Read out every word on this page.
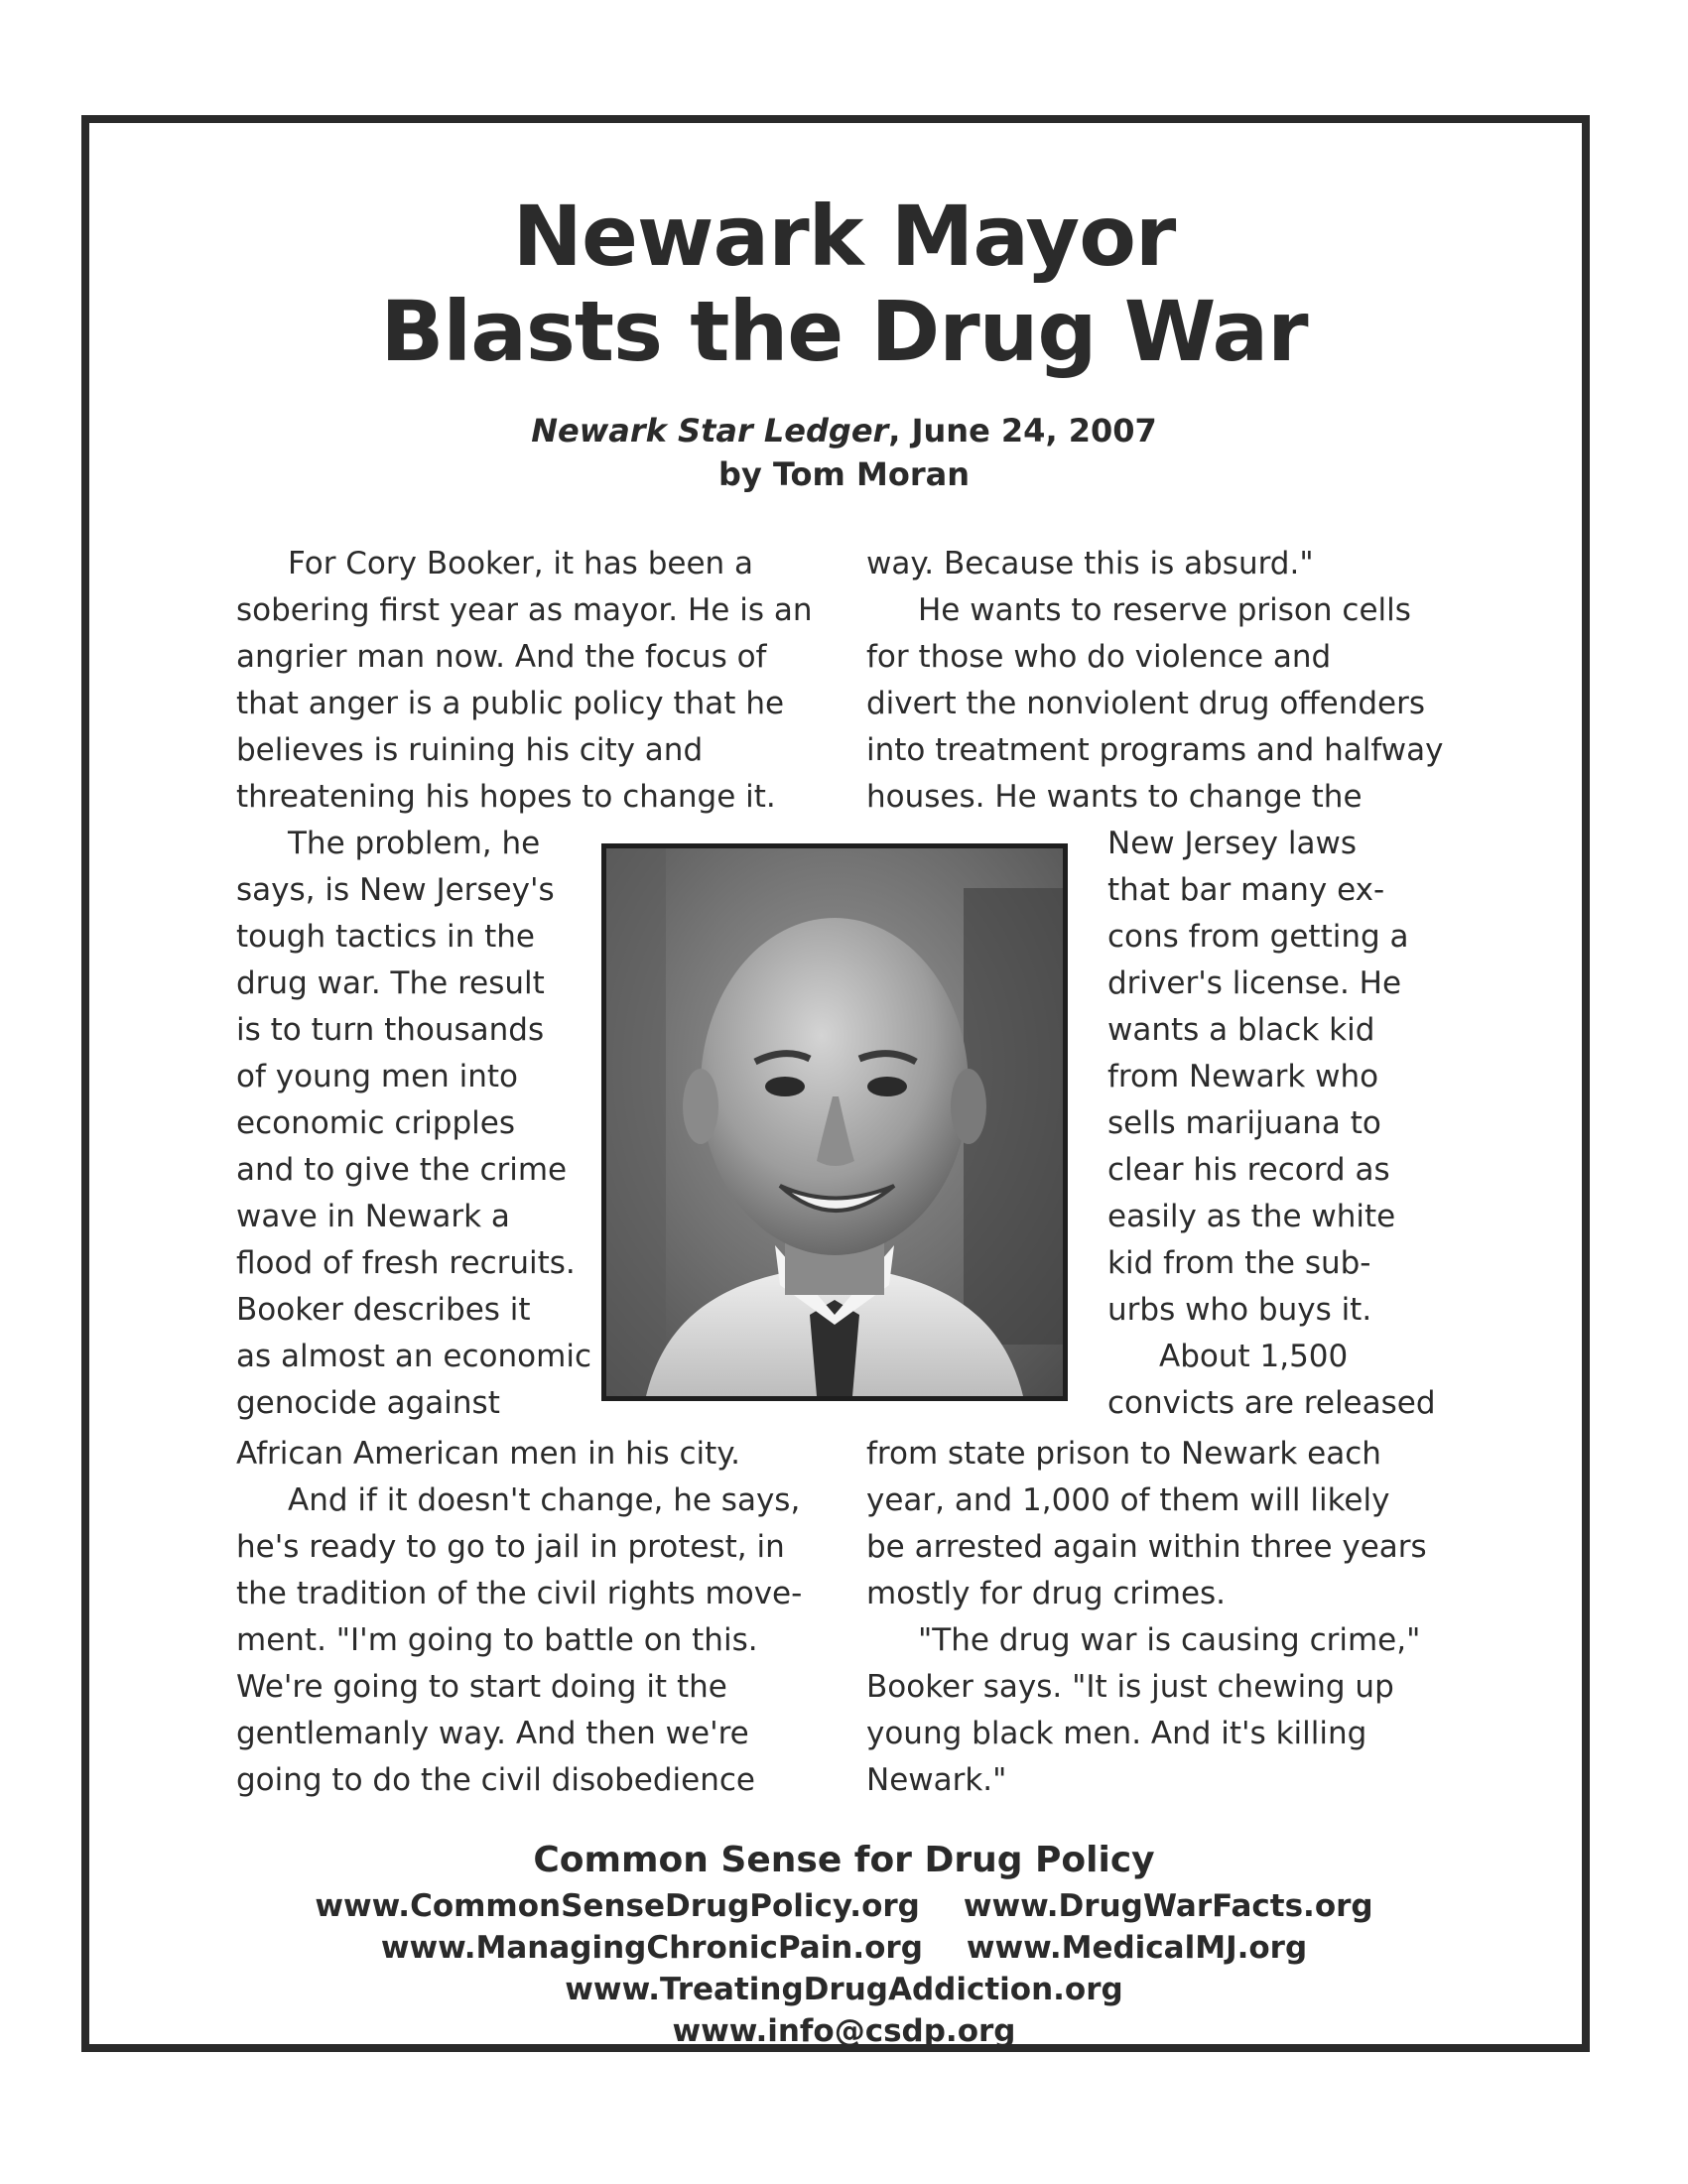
Newark Mayor
Blasts the Drug War
Newark Star Ledger, June 24, 2007
by Tom Moran

For Cory Booker, it has been a
sobering first year as mayor. He is an
angrier man now. And the focus of
that anger is a public policy that he
believes is ruining his city and
threatening his hopes to change it.

The problem, he
says, is New Jersey's
tough tactics in the
drug war. The result
is to turn thousands
of young men into
economic cripples
and to give the crime
wave in Newark a
flood of fresh recruits.
Booker describes it
as almost an economic
genocide against

African American men in his city.

And if it doesn't change, he says,
he's ready to go to jail in protest, in
the tradition of the civil rights move-
ment. "I'm going to battle on this.
We're going to start doing it the
gentlemanly way. And then we're
going to do the civil disobedience

way. Because this is absurd."

He wants to reserve prison cells
for those who do violence and
divert the nonviolent drug offenders
into treatment programs and halfway
houses. He wants to change the

New Jersey laws
that bar many ex-
cons from getting a
driver's license. He
wants a black kid
from Newark who
sells marijuana to
clear his record as
easily as the white
kid from the sub-
urbs who buys it.

About 1,500
convicts are released

from state prison to Newark each
year, and 1,000 of them will likely
be arrested again within three years
mostly for drug crimes.

"The drug war is causing crime,"
Booker says. "It is just chewing up
young black men. And it's killing
Newark."

Common Sense for Drug Policy
www.CommonSenseDrugPolicy.org www.DrugWarFacts.org
www.ManagingChronicPain.org www.MedicalMJ.org
www.TreatingDrugAddiction.org
www.info@csdp.org
